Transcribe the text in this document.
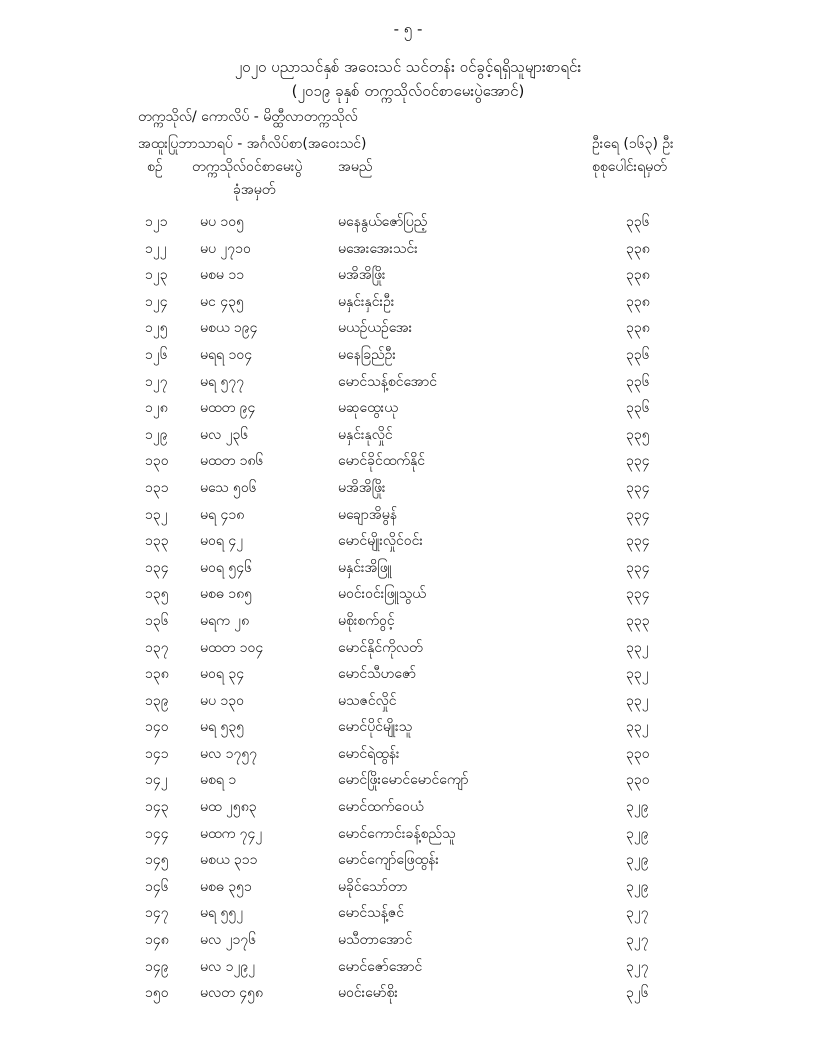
- ၅ -
၂၀၂၀ ပညာသင်နှစ် အဝေးသင် သင်တန်း ဝင်ခွင့်ရရှိသူများစာရင်း
(၂၀၁၉ ခုနှစ် တက္ကသိုလ်ဝင်စာမေးပွဲအောင်)
တက္ကသိုလ်/ ကောလိပ် - မိတ္ထီလာတက္ကသိုလ်
အထူးပြုဘာသာရပ် - အင်္ဂလိပ်စာ(အဝေးသင်)	ဦးရေ (၁၆၃) ဦး
စဉ် တက္ကသိုလ်ဝင်စာမေးပွဲ
ခုံအမှတ်
အမည်	စုစုပေါင်းရမှတ်
၁၂၁ မပ ၁၀၅	မနေနွယ်ဇော်ပြည့်	၃၃၆
၁၂၂ မပ ၂၇၁၀	မအေးအေးသင်း	၃၃၈
၁၂၃ မစမ ၁၁	မအိအိဖြိုး	၃၃၈
၁၂၄ မင ၄၃၅	မနှင်းနှင်းဦး	၃၃၈
၁၂၅ မစယ ၁၉၄	မယဉ်ယဉ်အေး	၃၃၈
၁၂၆ မရရ ၁၀၄	မနေခြည်ဦး	၃၃၆
၁၂၇ မရ ၅၇၇	မောင်သန့်စင်အောင်	၃၃၆
၁၂၈ မထတ ၉၄	မဆုထွေးယု	၃၃၆
၁၂၉ မလ ၂၃၆	မနှင်းနုလှိုင်	၃၃၅
၁၃၀ မထတ ၁၈၆	မောင်ခိုင်ထက်နိုင်	၃၃၄
၁၃၁ မသေ ၅၀၆	မအိအိဖြိုး	၃၃၄
၁၃၂ မရ ၄၁၈	မချောအိမွန်	၃၃၄
၁၃၃ မဝရ ၄၂	မောင်မျိုးလှိုင်ဝင်း	၃၃၄
၁၃၄ မဝရ ၅၄၆	မနှင်းအိဖြူ	၃၃၄
၁၃၅ မစဓ ၁၈၅	မဝင်းဝင်းဖြူသွယ်	၃၃၄
၁၃၆ မရက ၂၈	မစိုးစက်ဝွင့်	၃၃၃
၁၃၇ မထတ ၁၀၄	မောင်နိုင်ကိုလတ်	၃၃၂
၁၃၈ မဝရ ၃၄	မောင်သီဟဇော်	၃၃၂
၁၃၉ မပ ၁၃၀	မသဇင်လှိုင်	၃၃၂
၁၄၀ မရ ၅၃၅	မောင်ပိုင်မျိုးသူ	၃၃၂
၁၄၁ မလ ၁၇၅၇	မောင်ရဲထွန်း	၃၃၀
၁၄၂ မစရ ၁	မောင်ဖြိုးမောင်မောင်ကျော်	၃၃၀
၁၄၃ မထ ၂၅၈၃	မောင်ထက်ဝေယံ	၃၂၉
၁၄၄ မထက ၇၄၂	မောင်ကောင်းခန့်စည်သူ	၃၂၉
၁၄၅ မစယ ၃၁၁	မောင်ကျော်ဖြေထွန်း	၃၂၉
၁၄၆ မစဓ ၃၅၁	မခိုင်သော်တာ	၃၂၉
၁၄၇ မရ ၅၅၂	မောင်သန့်ဇင်	၃၂၇
၁၄၈ မလ ၂၁၇၆	မသီတာအောင်	၃၂၇
၁၄၉ မလ ၁၂၉၂	မောင်ဇော်အောင်	၃၂၇
၁၅၀ မလတ ၄၅၈	မဝင်းမော်စိုး	၃၂၆
